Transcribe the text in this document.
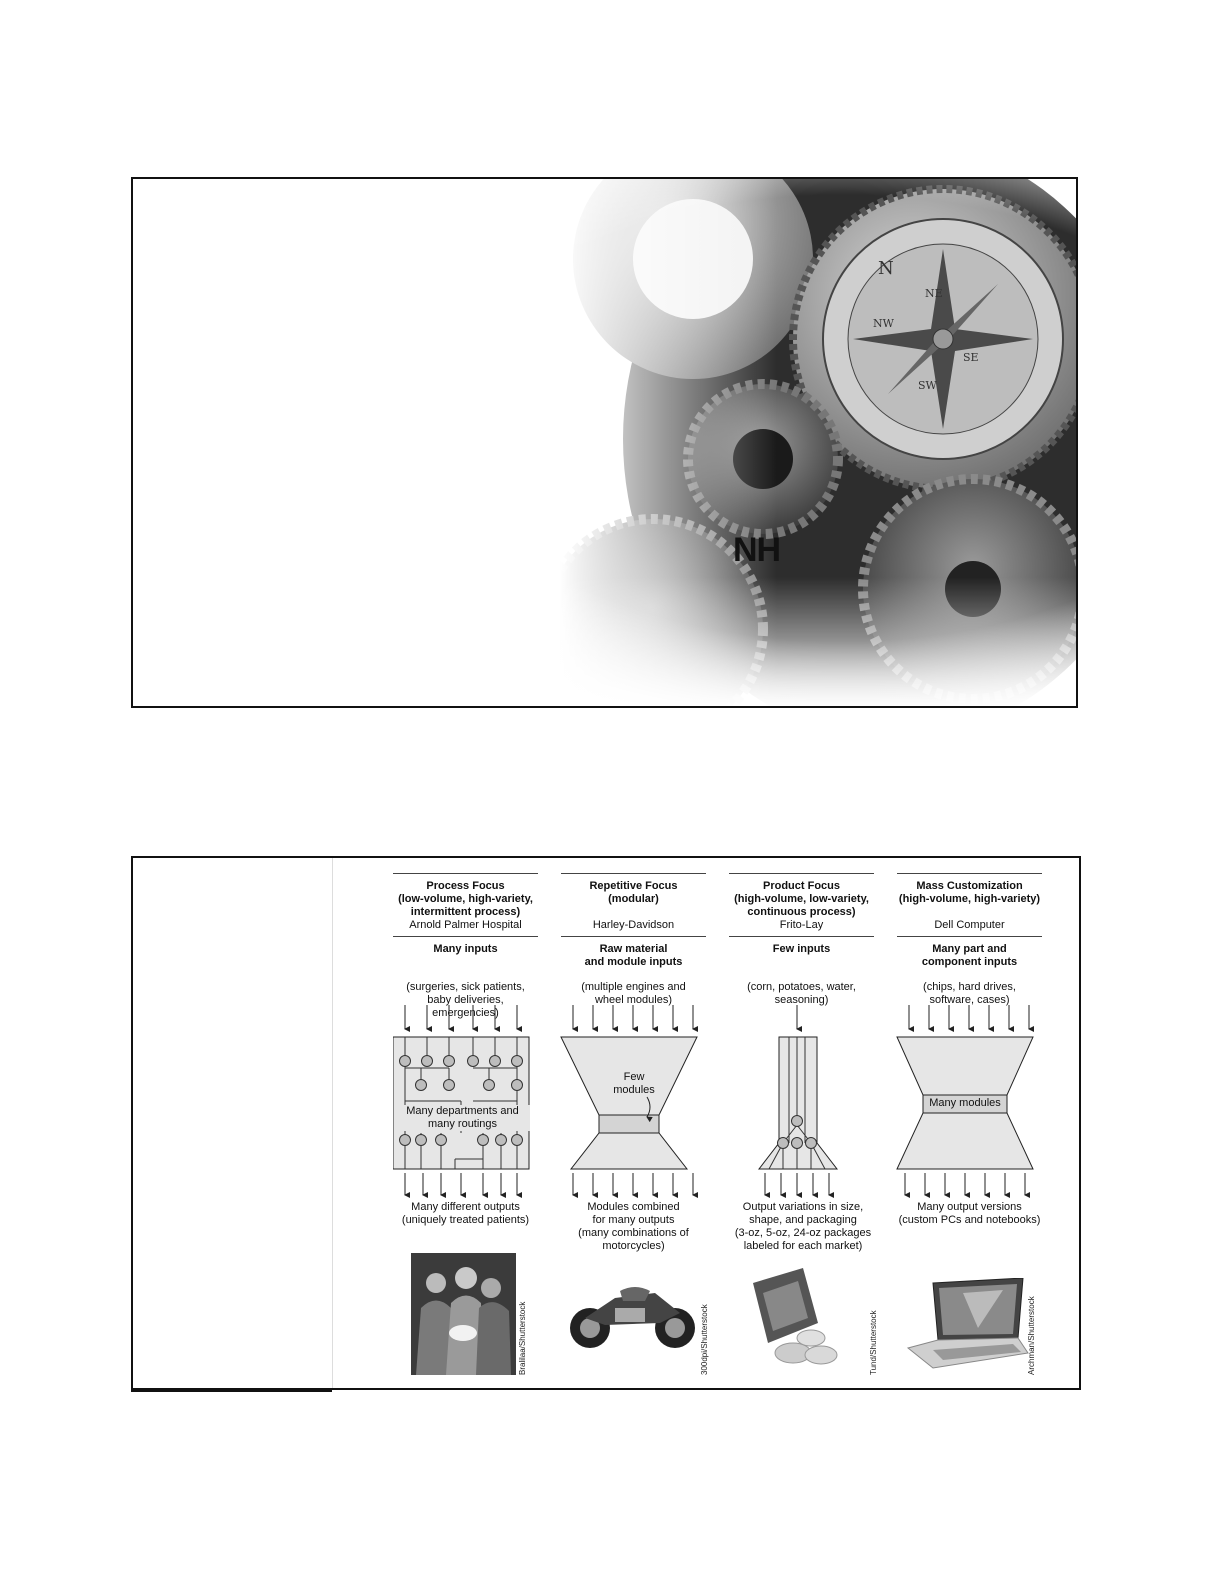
NH
Process Focus
(low-volume, high-variety,
intermittent process)
Arnold Palmer Hospital
Many inputs
(surgeries, sick patients,
baby deliveries, emergencies)
Repetitive Focus
(modular)
Harley-Davidson
Raw material
and module inputs
(multiple engines and
wheel modules)
Product Focus
(high-volume, low-variety,
continuous process)
Frito-Lay
Few inputs
(corn, potatoes, water,
seasoning)
Mass Customization
(high-volume, high-variety)
Dell Computer
Many part and
component inputs
(chips, hard drives,
software, cases)
Many departments and
many routings
Few
modules
Many modules
Many different outputs
(uniquely treated patients)
Modules combined
for many outputs
(many combinations of
motorcycles)
Output variations in size,
shape, and packaging
(3-oz, 5-oz, 24-oz packages
labeled for each market)
Many output versions
(custom PCs and notebooks)
Bralilaa/Shutterstock	300dpi/Shutterstock	Tund/Shutterstock	Archman/Shutterstock
